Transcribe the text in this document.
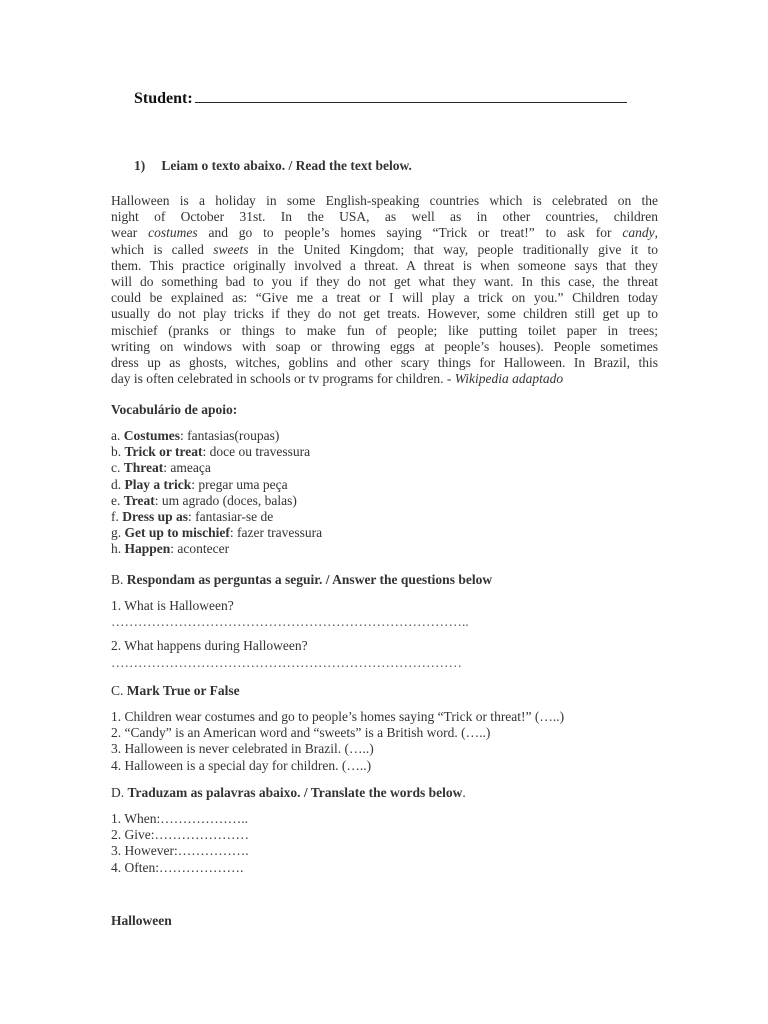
Student:
1) Leiam o texto abaixo. / Read the text below.
Halloween is a holiday in some English-speaking countries which is celebrated on the
night of October 31st. In the USA, as well as in other countries, children
wear costumes and go to people’s homes saying “Trick or treat!” to ask for candy,
which is called sweets in the United Kingdom; that way, people traditionally give it to
them. This practice originally involved a threat. A threat is when someone says that they
will do something bad to you if they do not get what they want. In this case, the threat
could be explained as: “Give me a treat or I will play a trick on you.” Children today
usually do not play tricks if they do not get treats. However, some children still get up to
mischief (pranks or things to make fun of people; like putting toilet paper in trees;
writing on windows with soap or throwing eggs at people’s houses). People sometimes
dress up as ghosts, witches, goblins and other scary things for Halloween. In Brazil, this
day is often celebrated in schools or tv programs for children. - Wikipedia adaptado
Vocabulário de apoio:
a. Costumes: fantasias(roupas)
b. Trick or treat: doce ou travessura
c. Threat: ameaça
d. Play a trick: pregar uma peça
e. Treat: um agrado (doces, balas)
f. Dress up as: fantasiar-se de
g. Get up to mischief: fazer travessura
h. Happen: acontecer
B. Respondam as perguntas a seguir. / Answer the questions below
1. What is Halloween?
……………………………………………………………………..
2. What happens during Halloween?
……………………………………………………………………
C. Mark True or False
1. Children wear costumes and go to people’s homes saying “Trick or threat!” (…..)
2. “Candy” is an American word and “sweets” is a British word. (…..)
3. Halloween is never celebrated in Brazil. (…..)
4. Halloween is a special day for children. (…..)
D. Traduzam as palavras abaixo. / Translate the words below.
1. When:………………..
2. Give:…………………
3. However:…………….
4. Often:……………….
Halloween
